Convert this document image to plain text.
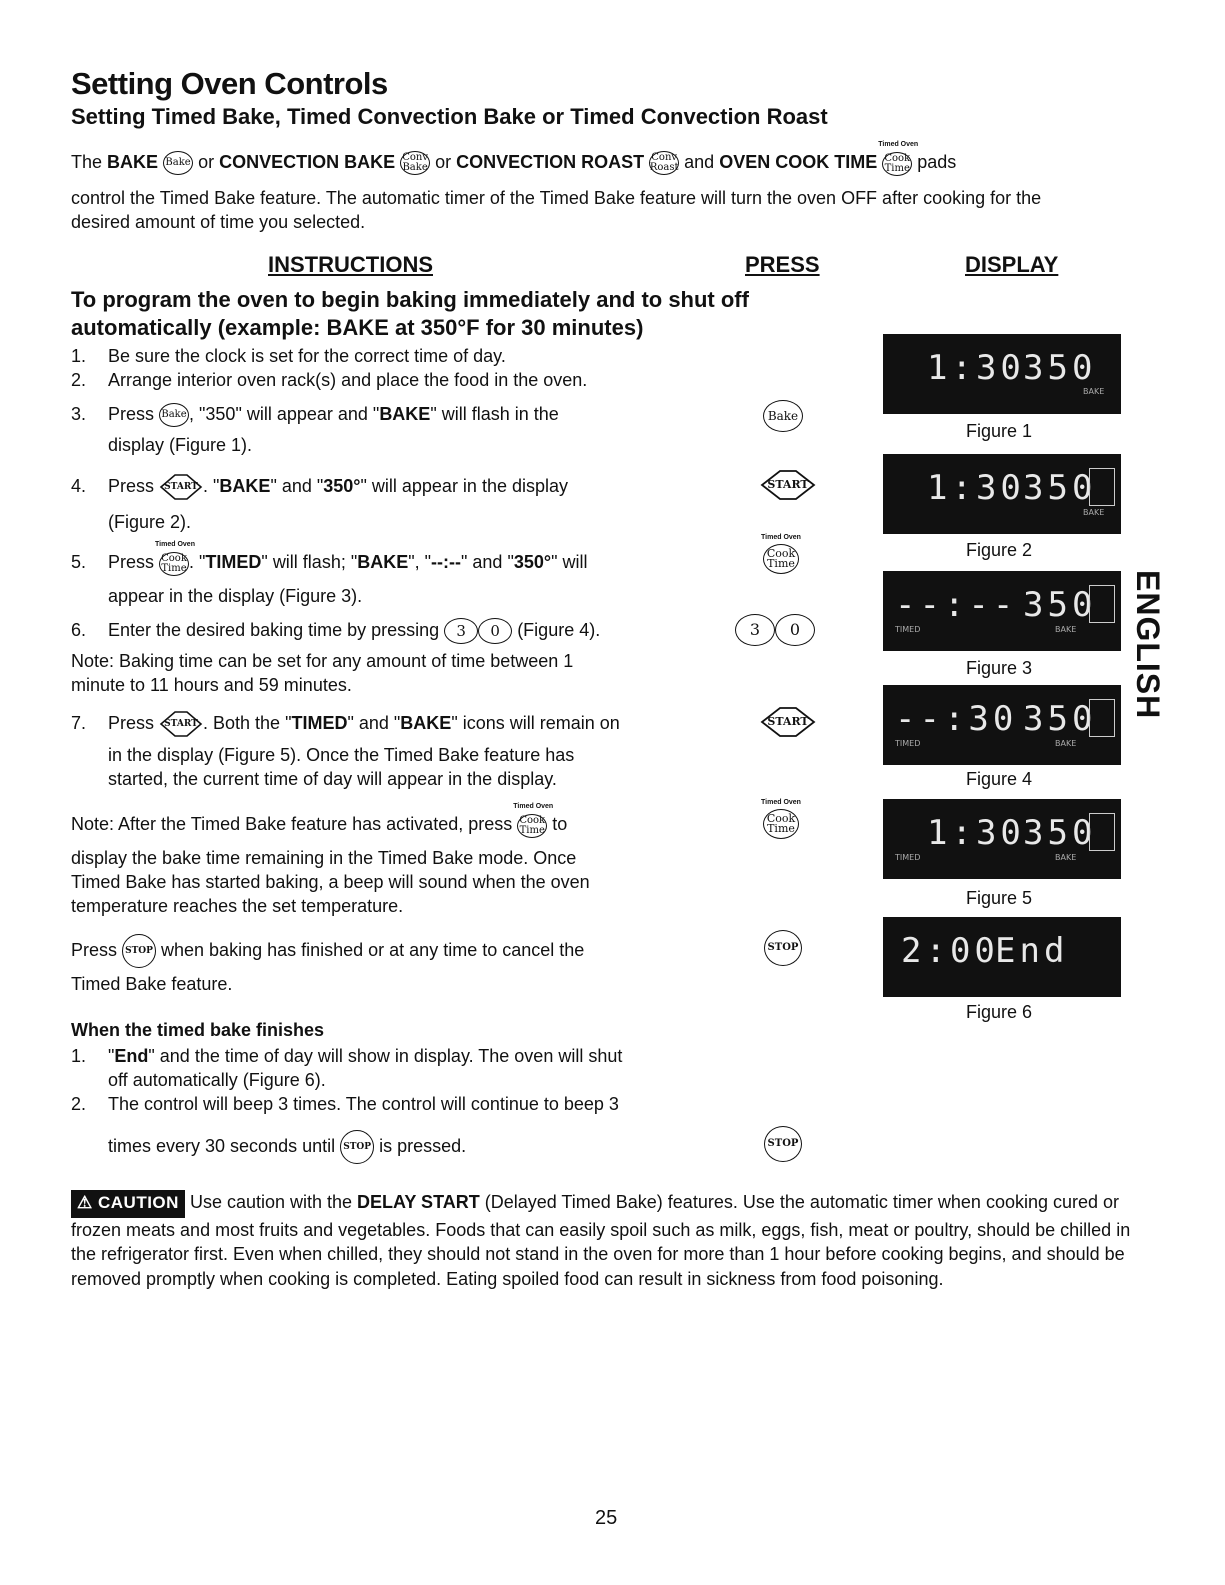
Setting Oven Controls
Setting Timed Bake, Timed Convection Bake or Timed Convection Roast
The BAKE Bake or CONVECTION BAKE Conv
Bake or CONVECTION ROAST Conv
Roast and OVEN COOK TIME
Timed Oven
Cook
Time pads
control the Timed Bake feature. The automatic timer of the Timed Bake feature will turn the oven OFF after cooking for the
desired amount of time you selected.
INSTRUCTIONS	PRESS	DISPLAY
To program the oven to begin baking immediately and to shut off
automatically (example: BAKE at 350°F for 30 minutes)
1. Be sure the clock is set for the correct time of day.
2. Arrange interior oven rack(s) and place the food in the oven.
3. Press Bake , "350" will appear and "BAKE" will flash in the
display (Figure 1).
4. Press START . "BAKE" and "350°" will appear in the display
(Figure 2).
5. Press
Timed Oven
Cook
Time . "TIMED" will flash; "BAKE", "--:--" and "350°" will
appear in the display (Figure 3).
6. Enter the desired baking time by pressing 3 0 (Figure 4).
Note: Baking time can be set for any amount of time between 1
minute to 11 hours and 59 minutes.
7. Press START . Both the "TIMED" and "BAKE" icons will remain on
in the display (Figure 5). Once the Timed Bake feature has
started, the current time of day will appear in the display.
Note: After the Timed Bake feature has activated, press
Timed Oven
Cook
Time to
display the bake time remaining in the Timed Bake mode. Once
Timed Bake has started baking, a beep will sound when the oven
temperature reaches the set temperature.
Press STOP when baking has finished or at any time to cancel the
Timed Bake feature.
When the timed bake finishes
1. "End" and the time of day will show in display. The oven will shut
off automatically (Figure 6).
2. The control will beep 3 times. The control will continue to beep 3
times every 30 seconds until STOP is pressed.
Bake
START
Timed Oven
Cook
Time
3 0
START
Timed Oven
Cook
Time
STOP
STOP
1:30
350
BAKE
Figure 1
1:30
350
BAKE
Figure 2
--:-- 350
TIMED	BAKE
Figure 3
--:30 350
TIMED	BAKE
Figure 4
1:30
350
TIMED	BAKE
Figure 5
2:00
End
Figure 6
ENGLISH
⚠ CAUTION Use caution with the DELAY START (Delayed Timed Bake) features. Use the automatic timer when cooking cured or frozen meats and most fruits and vegetables. Foods that can easily spoil such as milk, eggs, fish, meat or poultry, should be chilled in the refrigerator first. Even when chilled, they should not stand in the oven for more than 1 hour before cooking begins, and should be removed promptly when cooking is completed. Eating spoiled food can result in sickness from food poisoning.
25
